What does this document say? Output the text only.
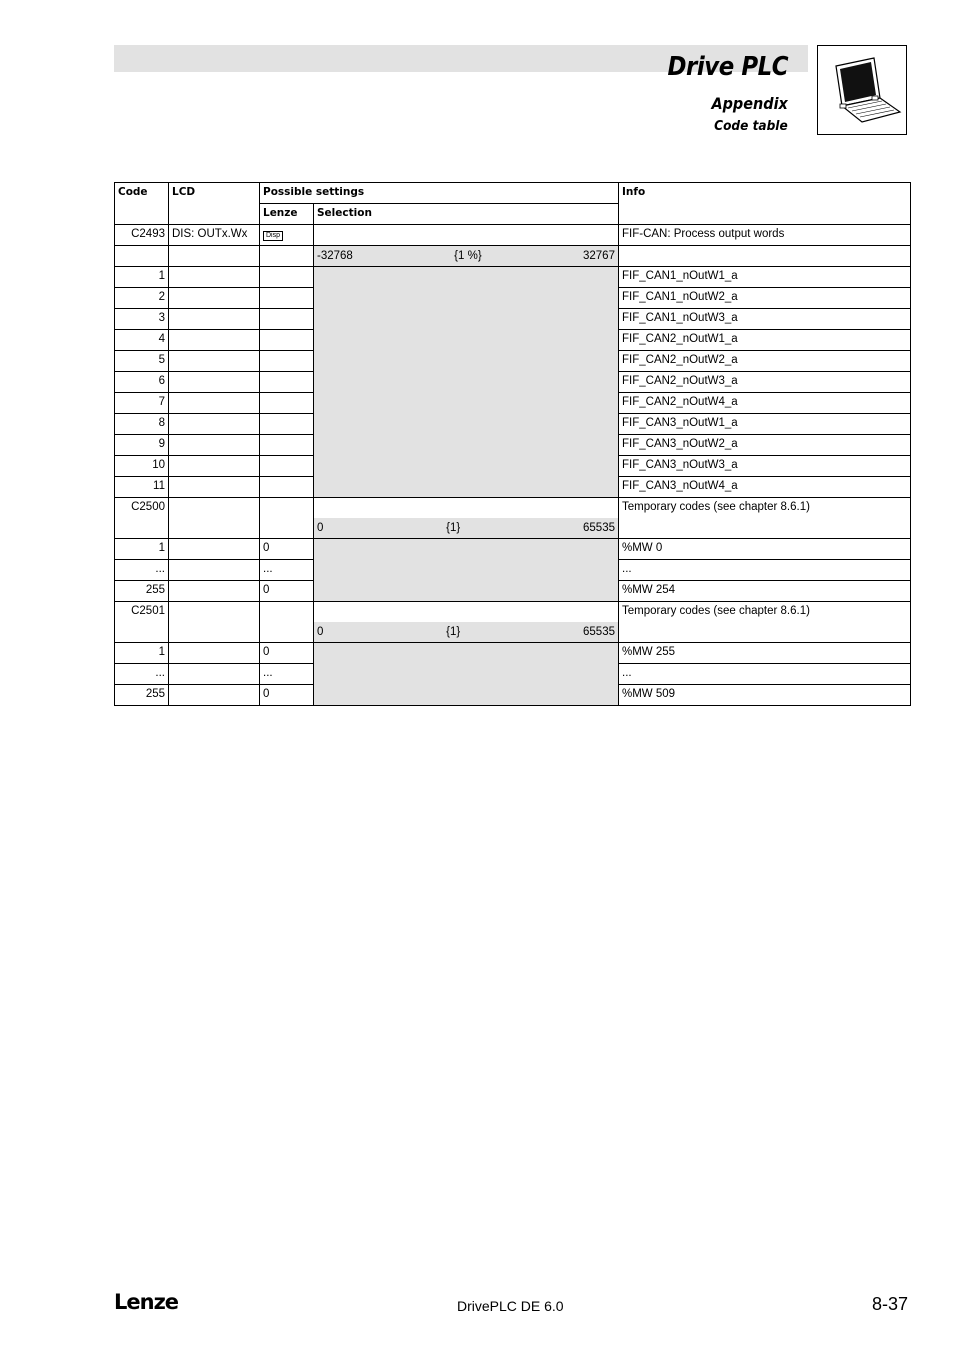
Drive PLC
Appendix
Code table
Code	LCD	Possible settings		Info
		Lenze	Selection	
C2493	DIS: OUTx.Wx	Disp		FIF-CAN: Process output words

			-32768 {1 %} 32767	

1				FIF_CAN1_nOutW1_a
2				FIF_CAN1_nOutW2_a
3				FIF_CAN1_nOutW3_a
4				FIF_CAN2_nOutW1_a
5				FIF_CAN2_nOutW2_a
6				FIF_CAN2_nOutW3_a
7				FIF_CAN2_nOutW4_a
8				FIF_CAN3_nOutW1_a
9				FIF_CAN3_nOutW2_a
10				FIF_CAN3_nOutW3_a
11				FIF_CAN3_nOutW4_a
C2500				Temporary codes (see chapter 8.6.1)

			0 {1} 65535	

1		0		%MW 0
...		...		...
255		0		%MW 254
C2501				Temporary codes (see chapter 8.6.1)

			0 {1} 65535	

1		0		%MW 255
...		...		...
255		0		%MW 509
Lenze	DrivePLC DE 6.0	8-37
